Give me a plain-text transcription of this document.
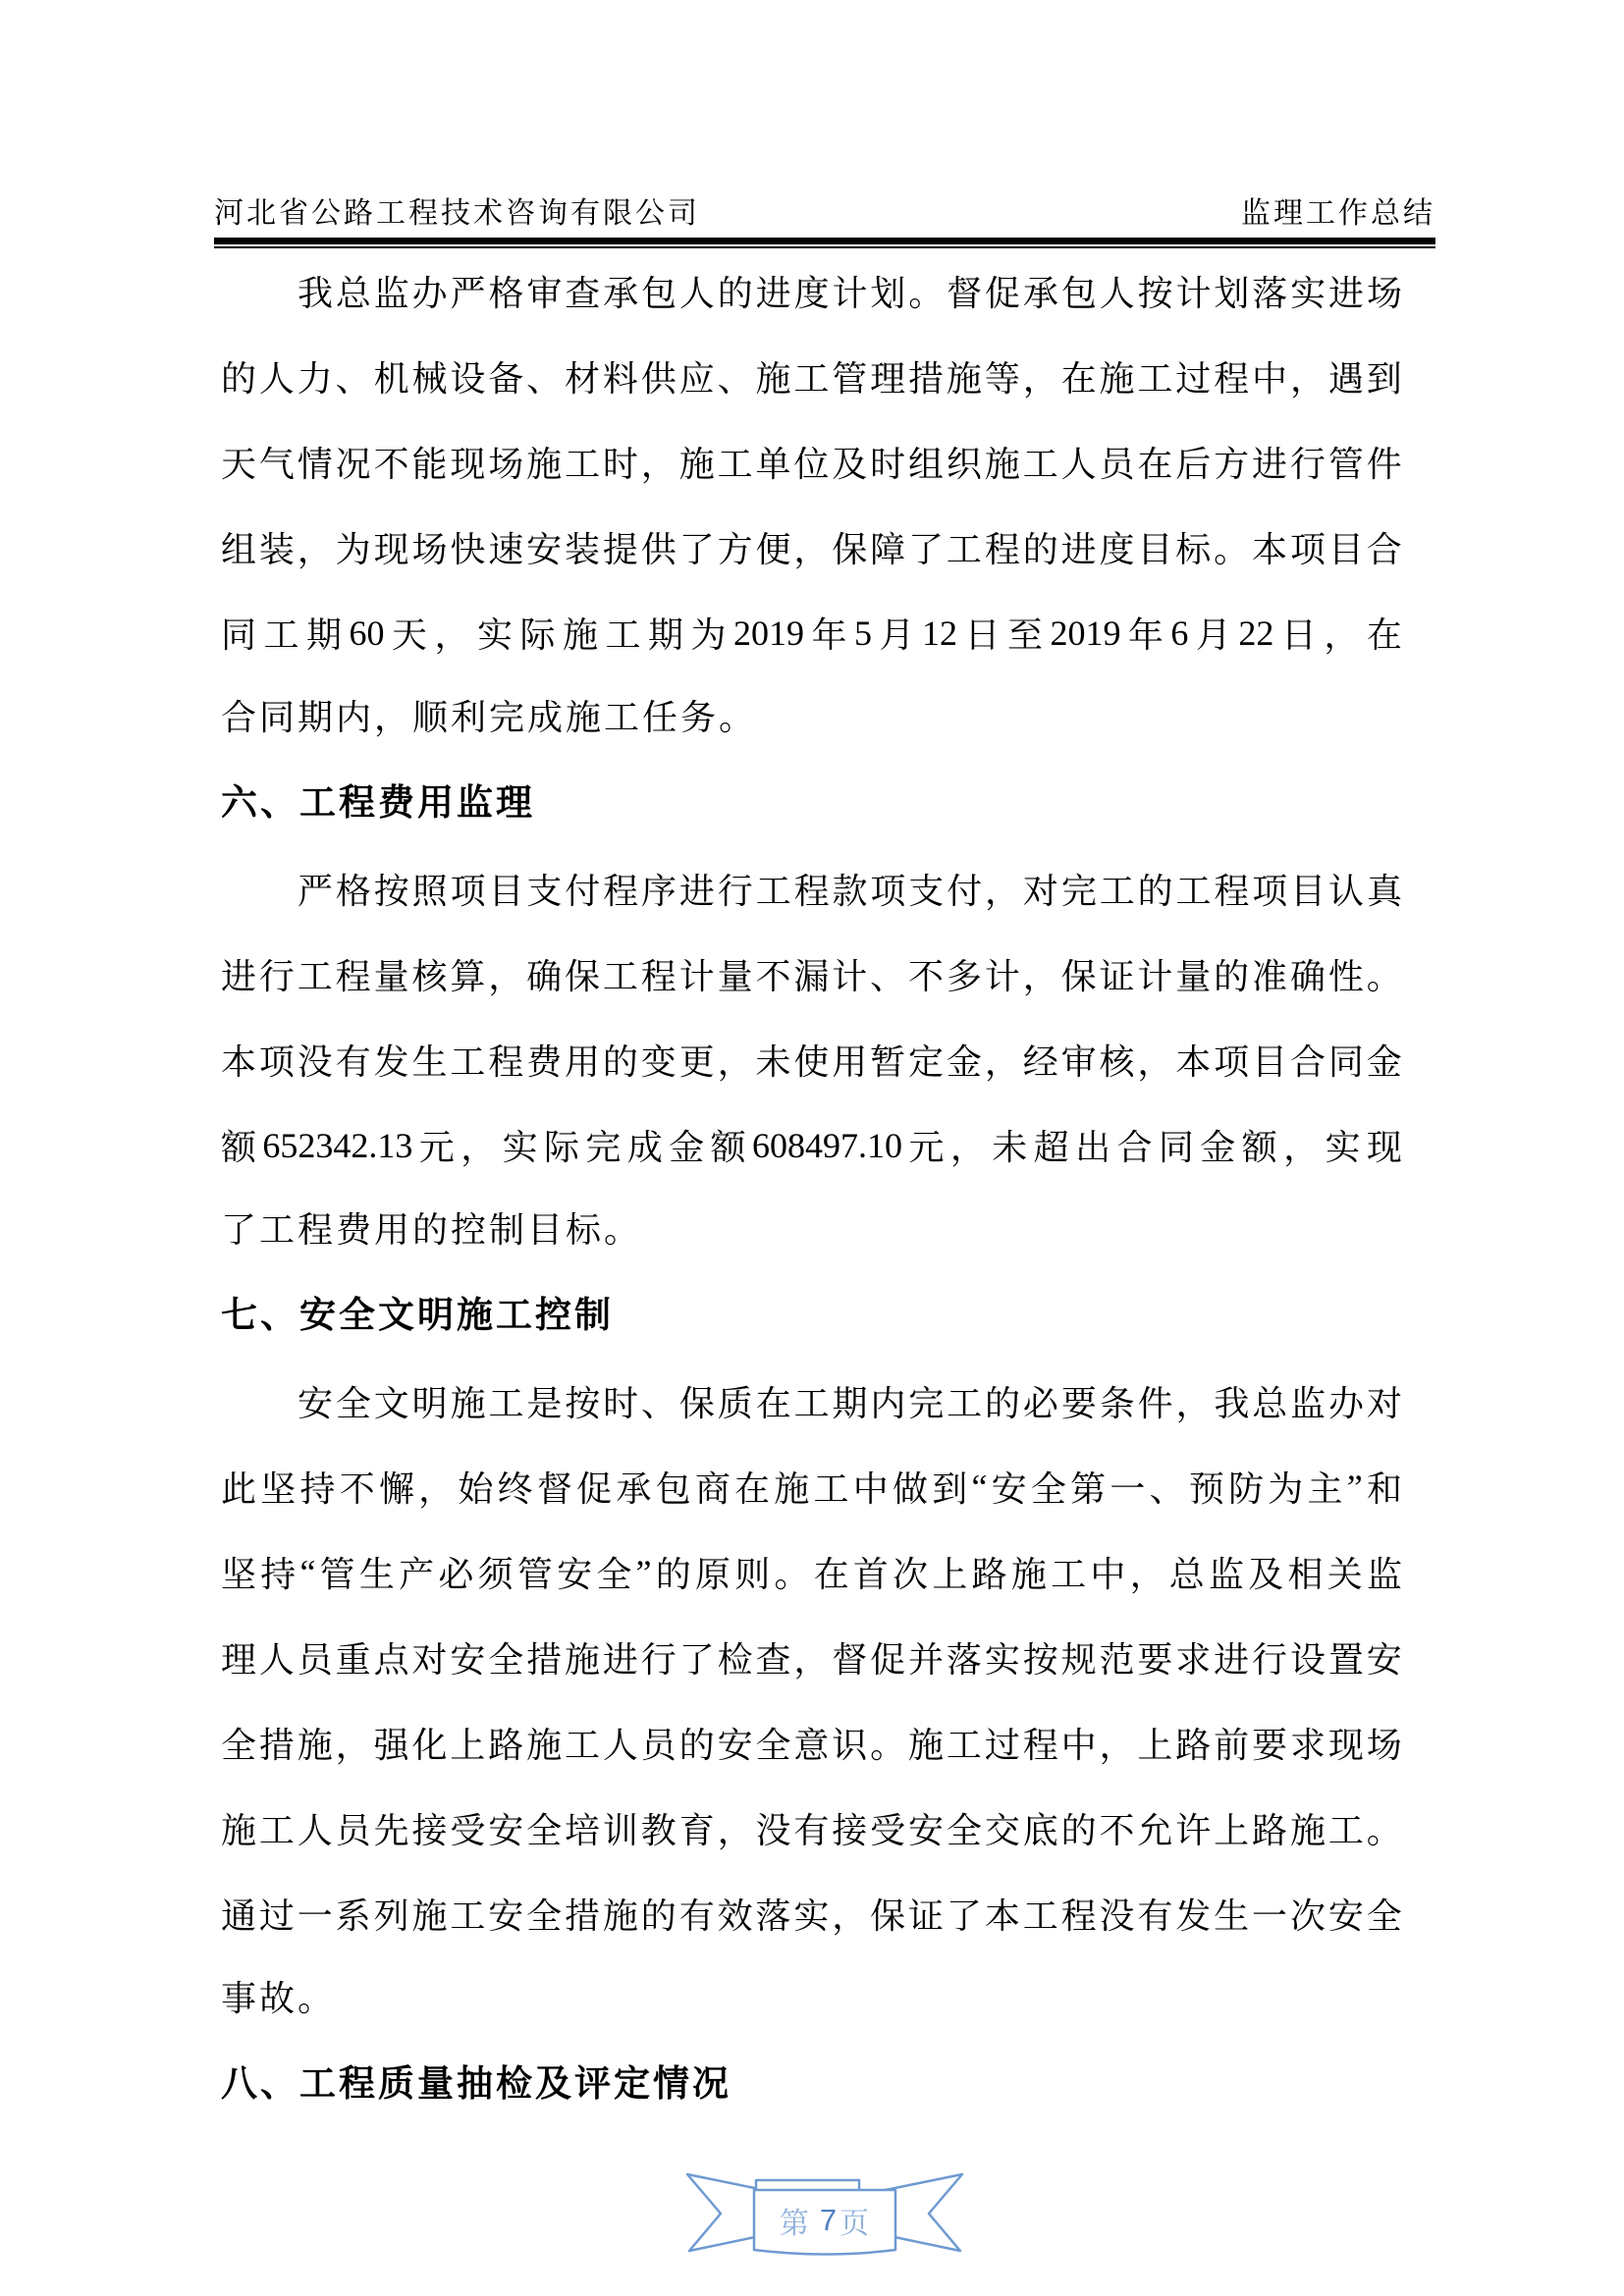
河北省公路工程技术咨询有限公司	监理工作总结
我 总 监 办 严 格 审 查 承 包 人 的 进 度 计 划 。 督 促 承 包 人 按 计 划 落 实 进 场
的 人 力 、 机 械 设 备 、 材 料 供 应 、 施 工 管 理 措 施 等 ， 在 施 工 过 程 中 ， 遇 到
天 气 情 况 不 能 现 场 施 工 时 ， 施 工 单 位 及 时 组 织 施 工 人 员 在 后 方 进 行 管 件
组 装 ， 为 现 场 快 速 安 装 提 供 了 方 便 ， 保 障 了 工 程 的 进 度 目 标 。 本 项 目 合
同 工 期 60 天 ， 实 际 施 工 期 为 2019 年 5 月 12 日 至 2019 年 6 月 22 日 ， 在
合同期内，顺利完成施工任务。
六、工程费用监理
严 格 按 照 项 目 支 付 程 序 进 行 工 程 款 项 支 付 ， 对 完 工 的 工 程 项 目 认 真
进 行 工 程 量 核 算 ， 确 保 工 程 计 量 不 漏 计 、 不 多 计 ， 保 证 计 量 的 准 确 性 。
本 项 没 有 发 生 工 程 费 用 的 变 更 ， 未 使 用 暂 定 金 ， 经 审 核 ， 本 项 目 合 同 金
额 652342.13 元 ， 实 际 完 成 金 额 608497.10 元 ， 未 超 出 合 同 金 额 ， 实 现
了工程费用的控制目标。
七、安全文明施工控制
安 全 文 明 施 工 是 按 时 、 保 质 在 工 期 内 完 工 的 必 要 条 件 ， 我 总 监 办 对
此 坚 持 不 懈 ， 始 终 督 促 承 包 商 在 施 工 中 做 到 “ 安 全 第 一 、 预 防 为 主 ” 和
坚 持 “ 管 生 产 必 须 管 安 全 ” 的 原 则 。 在 首 次 上 路 施 工 中 ， 总 监 及 相 关 监
理 人 员 重 点 对 安 全 措 施 进 行 了 检 查 ， 督 促 并 落 实 按 规 范 要 求 进 行 设 置 安
全 措 施 ， 强 化 上 路 施 工 人 员 的 安 全 意 识 。 施 工 过 程 中 ， 上 路 前 要 求 现 场
施 工 人 员 先 接 受 安 全 培 训 教 育 ， 没 有 接 受 安 全 交 底 的 不 允 许 上 路 施 工 。
通 过 一 系 列 施 工 安 全 措 施 的 有 效 落 实 ， 保 证 了 本 工 程 没 有 发 生 一 次 安 全
事故。
八、工程质量抽检及评定情况
第 7 页
